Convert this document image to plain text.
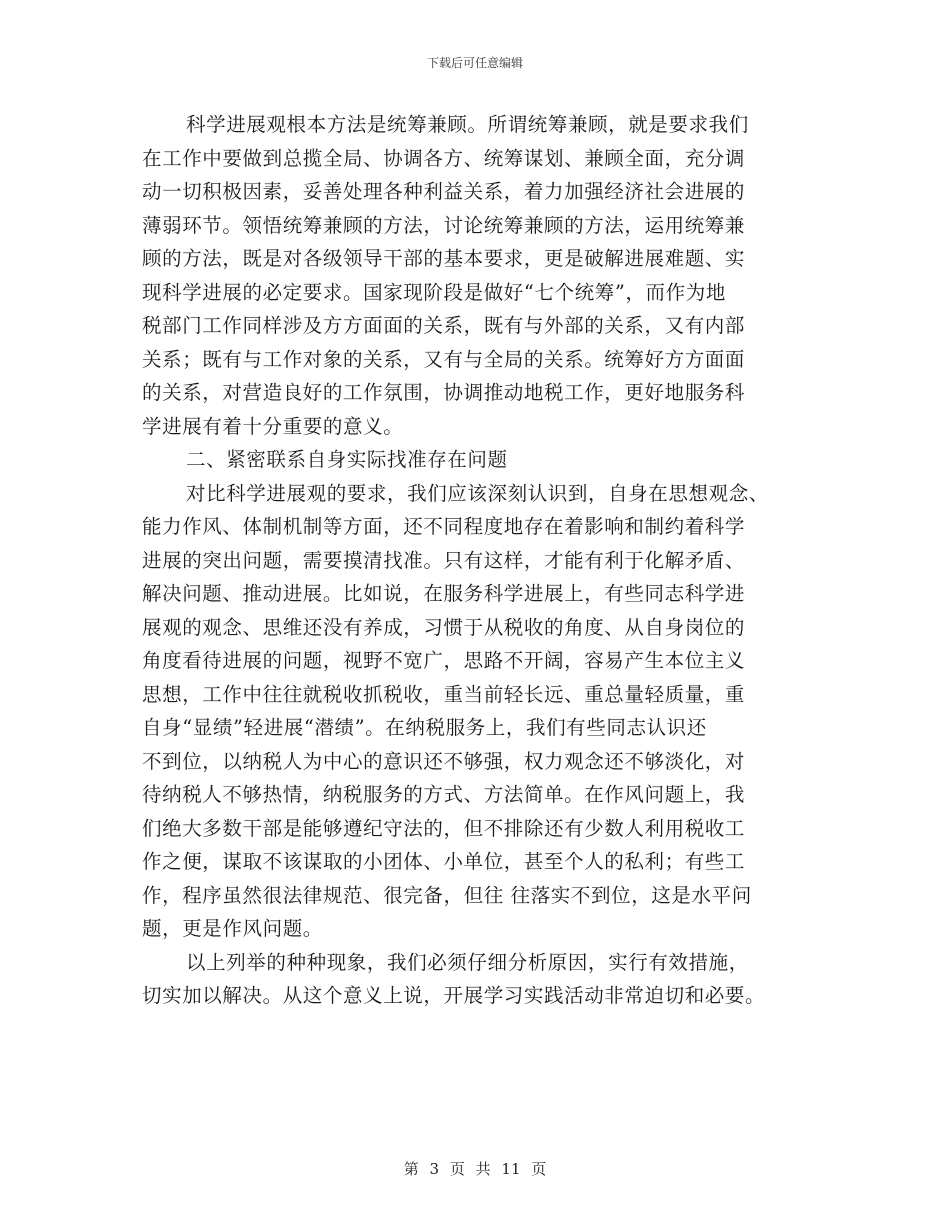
下载后可任意编辑
科学进展观根本方法是统筹兼顾。所谓统筹兼顾，就是要求我们
在工作中要做到总揽全局、协调各方、统筹谋划、兼顾全面，充分调
动一切积极因素，妥善处理各种利益关系，着力加强经济社会进展的
薄弱环节。领悟统筹兼顾的方法，讨论统筹兼顾的方法，运用统筹兼
顾的方法，既是对各级领导干部的基本要求，更是破解进展难题、实
现科学进展的必定要求。国家现阶段是做好“七个统筹”，而作为地
税部门工作同样涉及方方面面的关系，既有与外部的关系，又有内部
关系；既有与工作对象的关系，又有与全局的关系。统筹好方方面面
的关系，对营造良好的工作氛围，协调推动地税工作，更好地服务科
学进展有着十分重要的意义。
二、紧密联系自身实际找准存在问题
对比科学进展观的要求，我们应该深刻认识到，自身在思想观念、
能力作风、体制机制等方面，还不同程度地存在着影响和制约着科学
进展的突出问题，需要摸清找准。只有这样，才能有利于化解矛盾、
解决问题、推动进展。比如说，在服务科学进展上，有些同志科学进
展观的观念、思维还没有养成，习惯于从税收的角度、从自身岗位的
角度看待进展的问题，视野不宽广，思路不开阔，容易产生本位主义
思想，工作中往往就税收抓税收，重当前轻长远、重总量轻质量，重
自身“显绩”轻进展“潜绩”。在纳税服务上，我们有些同志认识还
不到位，以纳税人为中心的意识还不够强，权力观念还不够淡化，对
待纳税人不够热情，纳税服务的方式、方法简单。在作风问题上，我
们绝大多数干部是能够遵纪守法的，但不排除还有少数人利用税收工
作之便，谋取不该谋取的小团体、小单位，甚至个人的私利；有些工
作，程序虽然很法律规范、很完备，但往 往落实不到位，这是水平问
题，更是作风问题。
以上列举的种种现象，我们必须仔细分析原因，实行有效措施，
切实加以解决。从这个意义上说，开展学习实践活动非常迫切和必要。
第 3 页 共 11 页
